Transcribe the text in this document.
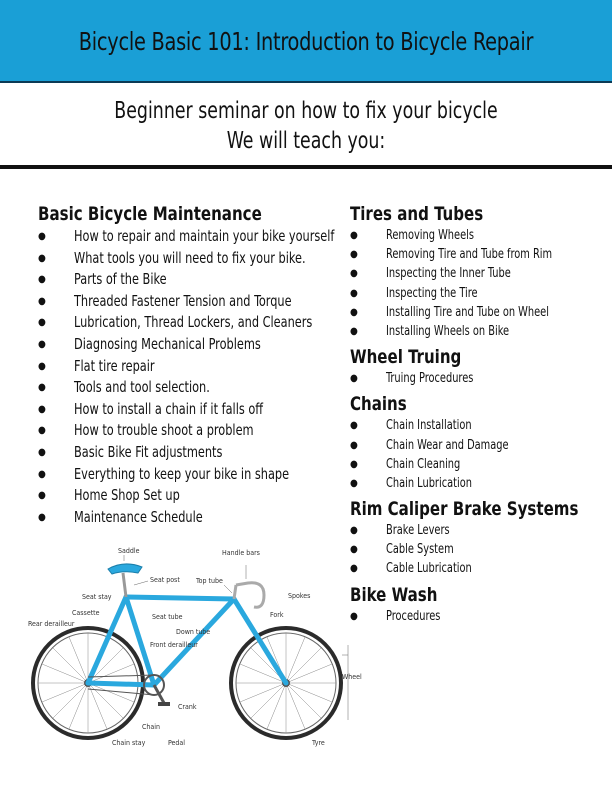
Bicycle Basic 101: Introduction to Bicycle Repair
Beginner seminar on how to fix your bicycle
We will teach you:
Basic Bicycle Maintenance
● How to repair and maintain your bike yourself
● What tools you will need to fix your bike.
● Parts of the Bike
● Threaded Fastener Tension and Torque
● Lubrication, Thread Lockers, and Cleaners
● Diagnosing Mechanical Problems
● Flat tire repair
● Tools and tool selection.
● How to install a chain if it falls off
● How to trouble shoot a problem
● Basic Bike Fit adjustments
● Everything to keep your bike in shape
● Home Shop Set up
● Maintenance Schedule
Tires and Tubes
● Removing Wheels
● Removing Tire and Tube from Rim
● Inspecting the Inner Tube
● Inspecting the Tire
● Installing Tire and Tube on Wheel
● Installing Wheels on Bike
Wheel Truing
● Truing Procedures
Chains
● Chain Installation
● Chain Wear and Damage
● Chain Cleaning
● Chain Lubrication
Rim Caliper Brake Systems
● Brake Levers
● Cable System
● Cable Lubrication
Bike Wash
● Procedures
Saddle
Seat post
Handle bars
Top tube
Seat stay
Cassette
Rear derailleur
Seat tube
Down tube
Front derailleur
Fork
Spokes
Wheel
Crank
Chain
Chain stay	Pedal	Tyre
